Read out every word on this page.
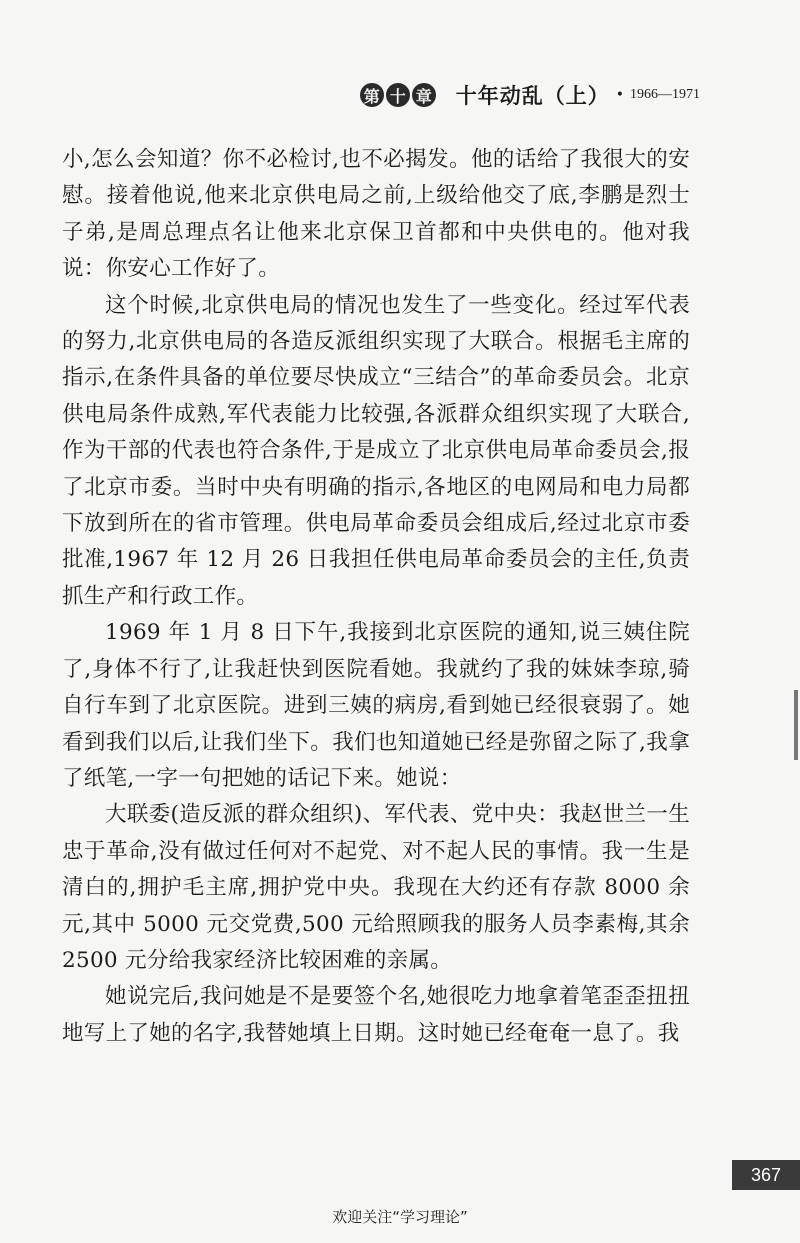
第 十 章 十年动乱（上） • 1966—1971

小,怎么会知道？你不必检讨,也不必揭发。他的话给了我很大的安慰。接着他说,他来北京供电局之前,上级给他交了底,李鹏是烈士子弟,是周总理点名让他来北京保卫首都和中央供电的。他对我说：你安心工作好了。

这个时候,北京供电局的情况也发生了一些变化。经过军代表的努力,北京供电局的各造反派组织实现了大联合。根据毛主席的指示,在条件具备的单位要尽快成立“三结合”的革命委员会。北京供电局条件成熟,军代表能力比较强,各派群众组织实现了大联合,作为干部的代表也符合条件,于是成立了北京供电局革命委员会,报了北京市委。当时中央有明确的指示,各地区的电网局和电力局都下放到所在的省市管理。供电局革命委员会组成后,经过北京市委批准,1967 年 12 月 26 日我担任供电局革命委员会的主任,负责抓生产和行政工作。

1969 年 1 月 8 日下午,我接到北京医院的通知,说三姨住院了,身体不行了,让我赶快到医院看她。我就约了我的妹妹李琼,骑自行车到了北京医院。进到三姨的病房,看到她已经很衰弱了。她看到我们以后,让我们坐下。我们也知道她已经是弥留之际了,我拿了纸笔,一字一句把她的话记下来。她说：

大联委(造反派的群众组织)、军代表、党中央：我赵世兰一生忠于革命,没有做过任何对不起党、对不起人民的事情。我一生是清白的,拥护毛主席,拥护党中央。我现在大约还有存款 8000 余元,其中 5000 元交党费,500 元给照顾我的服务人员李素梅,其余 2500 元分给我家经济比较困难的亲属。

她说完后,我问她是不是要签个名,她很吃力地拿着笔歪歪扭扭地写上了她的名字,我替她填上日期。这时她已经奄奄一息了。我

367
欢迎关注“学习理论”
